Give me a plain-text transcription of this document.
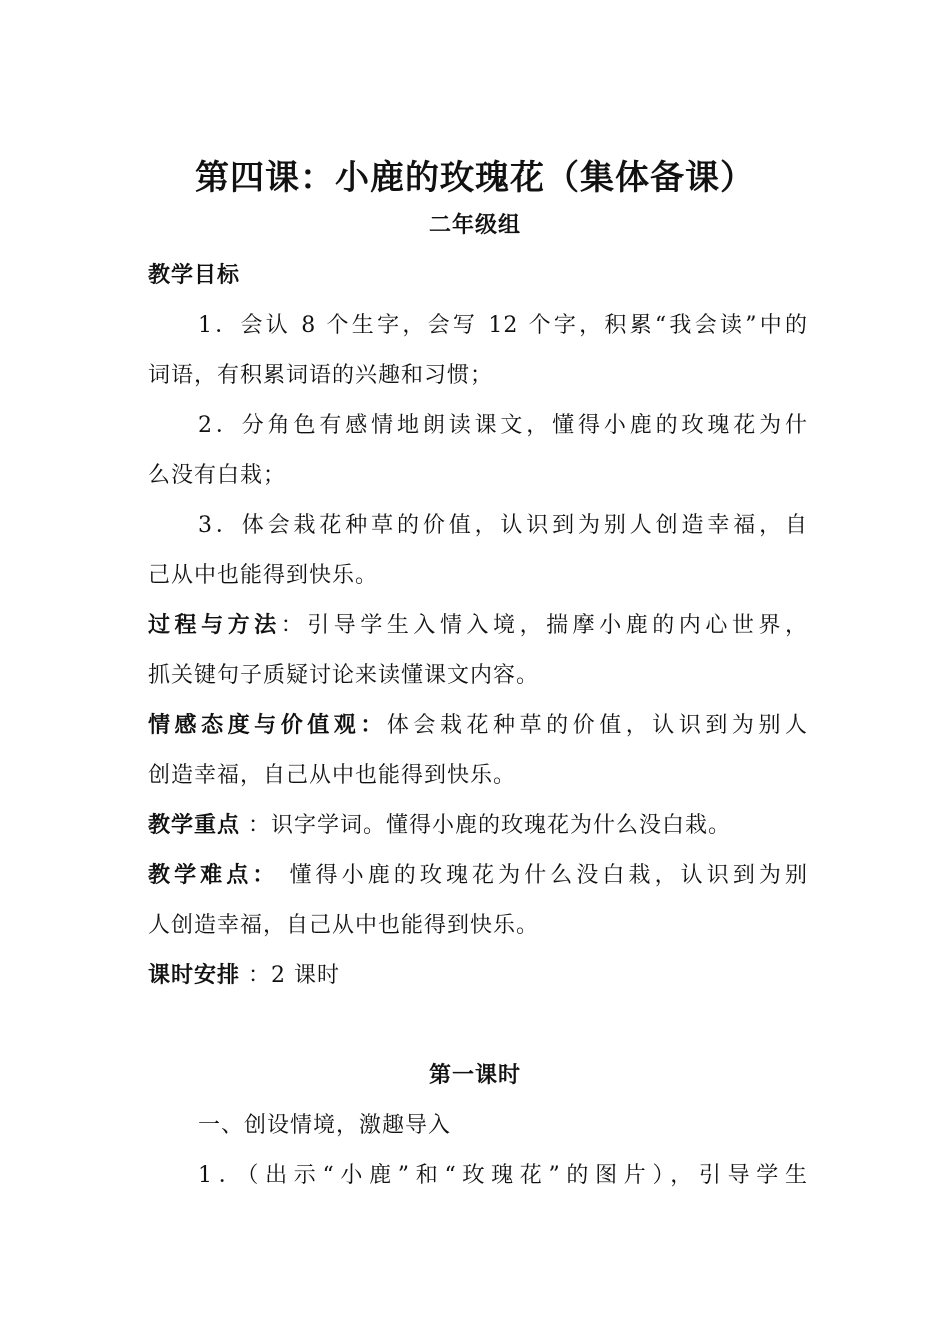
第四课：小鹿的玫瑰花（集体备课）
二年级组
教学目标
1．会认 8 个生字，会写 12 个字，积累“我会读”中的
词语，有积累词语的兴趣和习惯；
2．分角色有感情地朗读课文，懂得小鹿的玫瑰花为什
么没有白栽；
3．体会栽花种草的价值，认识到为别人创造幸福，自
己从中也能得到快乐。
过程与方法：引导学生入情入境，揣摩小鹿的内心世界，
抓关键句子质疑讨论来读懂课文内容。
情感态度与价值观：体会栽花种草的价值，认识到为别人
创造幸福，自己从中也能得到快乐。
教学重点 ：识字学词。懂得小鹿的玫瑰花为什么没白栽。
教学难点： 懂得小鹿的玫瑰花为什么没白栽，认识到为别
人创造幸福，自己从中也能得到快乐。
课时安排 ：2 课时
第一课时
一、创设情境，激趣导入
1．（出示“小鹿”和“玫瑰花”的图片），引导学生
